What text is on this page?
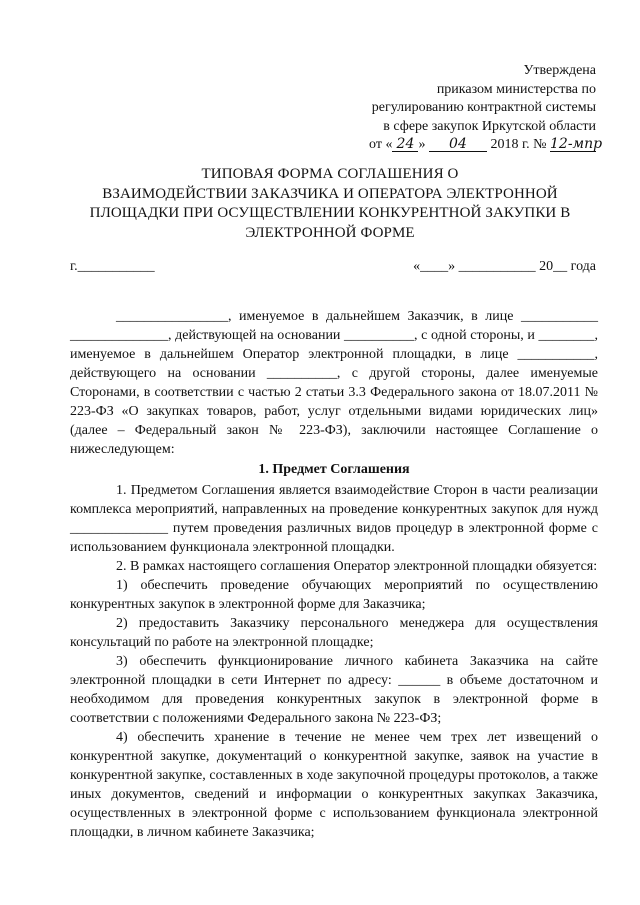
Утверждена
приказом министерства по
регулированию контрактной системы
в сфере закупок Иркутской области
от « 24 » 04 2018 г. № 12-мпр
ТИПОВАЯ ФОРМА СОГЛАШЕНИЯ О
ВЗАИМОДЕЙСТВИИ ЗАКАЗЧИКА И ОПЕРАТОРА ЭЛЕКТРОННОЙ
ПЛОЩАДКИ ПРИ ОСУЩЕСТВЛЕНИИ КОНКУРЕНТНОЙ ЗАКУПКИ В
ЭЛЕКТРОННОЙ ФОРМЕ
г.___________	«____» ___________ 20__ года

________________, именуемое в дальнейшем Заказчик, в лице ___________ ______________, действующей на основании __________, с одной стороны, и ________, именуемое в дальнейшем Оператор электронной площадки, в лице ___________, действующего на основании __________, с другой стороны, далее именуемые Сторонами, в соответствии с частью 2 статьи 3.3 Федерального закона от 18.07.2011 № 223-ФЗ «О закупках товаров, работ, услуг отдельными видами юридических лиц» (далее – Федеральный закон № 223-ФЗ), заключили настоящее Соглашение о нижеследующем:

1. Предмет Соглашения

1. Предметом Соглашения является взаимодействие Сторон в части реализации комплекса мероприятий, направленных на проведение конкурентных закупок для нужд ______________ путем проведения различных видов процедур в электронной форме с использованием функционала электронной площадки.

2. В рамках настоящего соглашения Оператор электронной площадки обязуется:

1) обеспечить проведение обучающих мероприятий по осуществлению конкурентных закупок в электронной форме для Заказчика;

2) предоставить Заказчику персонального менеджера для осуществления консультаций по работе на электронной площадке;

3) обеспечить функционирование личного кабинета Заказчика на сайте электронной площадки в сети Интернет по адресу: ______ в объеме достаточном и необходимом для проведения конкурентных закупок в электронной форме в соответствии с положениями Федерального закона № 223-ФЗ;

4) обеспечить хранение в течение не менее чем трех лет извещений о конкурентной закупке, документаций о конкурентной закупке, заявок на участие в конкурентной закупке, составленных в ходе закупочной процедуры протоколов, а также иных документов, сведений и информации о конкурентных закупках Заказчика, осуществленных в электронной форме с использованием функционала электронной площадки, в личном кабинете Заказчика;
